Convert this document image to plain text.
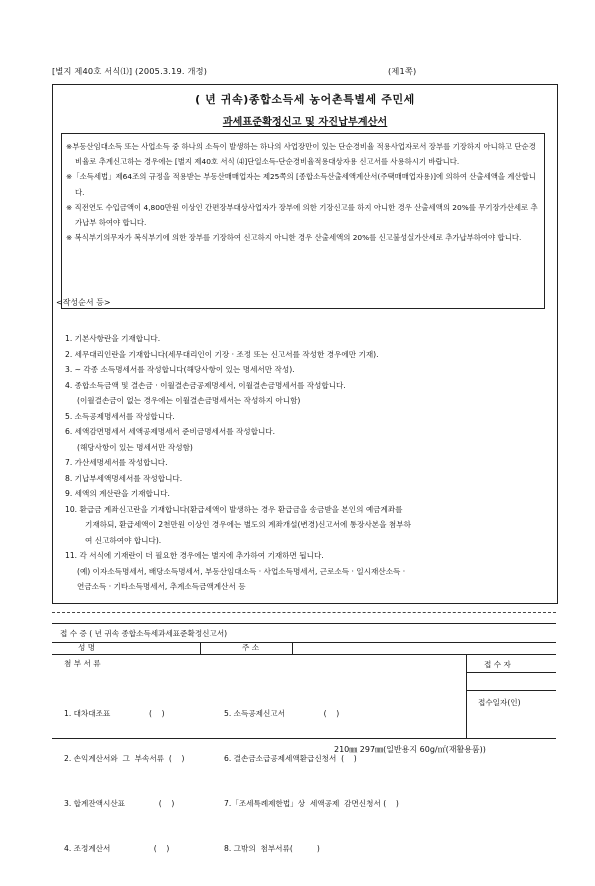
[별지 제40호 서식⑴] (2005.3.19. 개정)	(제1쪽)
( 년 귀속)종합소득세 농어촌특별세 주민세
과세표준확정신고 및 자진납부계산서

※부동산임대소득 또는 사업소득 중 하나의 소득이 발생하는 하나의 사업장만이 있는 단순경비율 적용사업자로서 장부를 기장하지 아니하고 단순경비율로 추계신고하는 경우에는 [별지 제40호 서식 ⑷]단일소득-단순경비율적용대상자용 신고서를 사용하시기 바랍니다.

※「소득세법」제64조의 규정을 적용받는 부동산매매업자는 제25쪽의 [종합소득산출세액계산서(주택매매업자용)]에 의하여 산출세액을 계산합니다.

※ 직전연도 수입금액이 4,800만원 이상인 간편장부대상사업자가 장부에 의한 기장신고를 하지 아니한 경우 산출세액의 20%를 무기장가산세로 추가납부 하여야 합니다.

※ 복식부기의무자가 복식부기에 의한 장부를 기장하여 신고하지 아니한 경우 산출세액의 20%를 신고불성실가산세로 추가납부하여야 합니다.

<작성순서 등>
1. 기본사항란을 기재합니다.
2. 세무대리인란을 기재합니다(세무대리인이 기장 · 조정 또는 신고서를 작성한 경우에만 기재).
3. ~ 각종 소득명세서를 작성합니다(해당사항이 있는 명세서만 작성).
4. 종합소득금액 및 결손금 · 이월결손금공제명세서, 이월결손금명세서를 작성합니다.
(이월결손금이 없는 경우에는 이월결손금명세서는 작성하지 아니함)
5. 소득공제명세서를 작성합니다.
6. 세액감면명세서 세액공제명세서 준비금명세서를 작성합니다.
(해당사항이 있는 명세서만 작성함)
7. 가산세명세서를 작성합니다.
8. 기납부세액명세서를 작성합니다.
9. 세액의 계산란을 기재합니다.
10. 환급금 계좌신고란을 기재합니다(환급세액이 발생하는 경우 환급금을 송금받을 본인의 예금계좌를
기재하되, 환급세액이 2천만원 이상인 경우에는 별도의 계좌개설(변경)신고서에 통장사본을 첨부하
여 신고하여야 합니다).
11. 각 서식에 기재란이 더 필요한 경우에는 별지에 추가하여 기재하면 됩니다.
(예) 이자소득명세서, 배당소득명세서, 부동산임대소득 · 사업소득명세서, 근로소득 · 일시재산소득 ·
연금소득 · 기타소득명세서, 추계소득금액계산서 등
접 수 증 ( 년 귀속 종합소득세과세표준확정신고서)
성 명	주 소
첨 부 서 류	접 수 자
접수일자(인)

1. 대차대조표                (    )

2. 손익계산서와  그  부속서류  (    )

3. 합계잔액시산표              (    )

4. 조정계산서                  (    )

5. 소득공제신고서                (    )

6. 결손금소급공제세액환급신청서  (    )

7.「조세특례제한법」상  세액공제  감면신청서 (    )

8. 그밖의  첨부서류(          )

210㎜ 297㎜(일반용지 60g/㎡(재활용품))
